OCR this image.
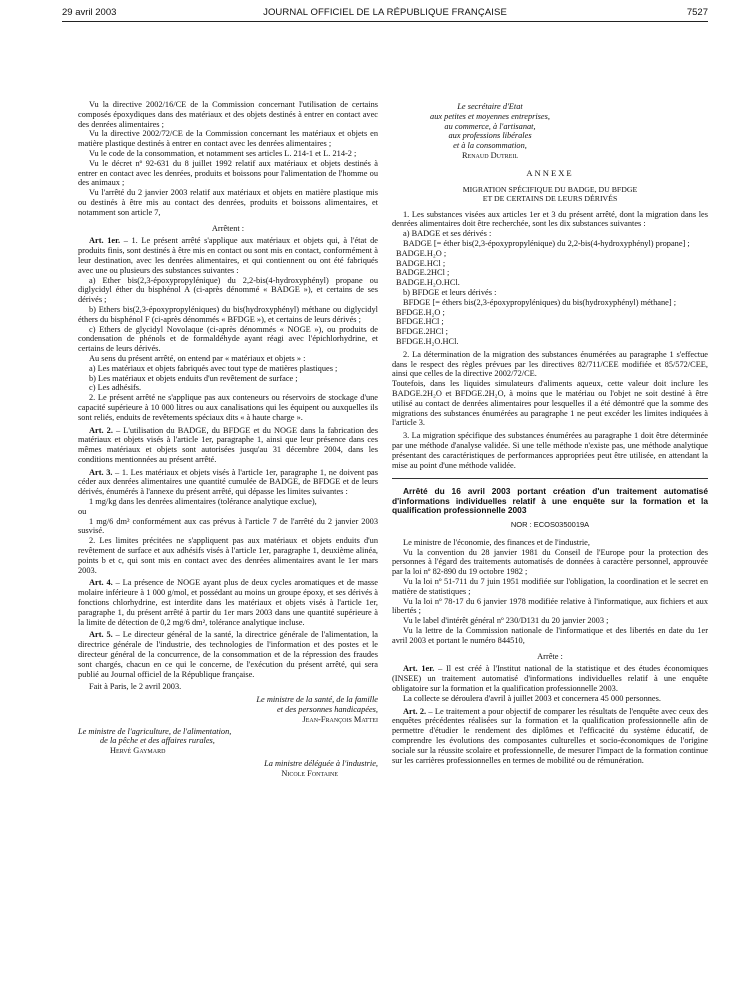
29 avril 2003	JOURNAL OFFICIEL DE LA RÉPUBLIQUE FRANÇAISE	7527

Vu la directive 2002/16/CE de la Commission concernant l'utilisation de certains composés époxydiques dans des matériaux et des objets destinés à entrer en contact avec des denrées alimentaires ;

Vu la directive 2002/72/CE de la Commission concernant les matériaux et objets en matière plastique destinés à entrer en contact avec les denrées alimentaires ;

Vu le code de la consommation, et notamment ses articles L. 214-1 et L. 214-2 ;

Vu le décret nº 92-631 du 8 juillet 1992 relatif aux matériaux et objets destinés à entrer en contact avec les denrées, produits et boissons pour l'alimentation de l'homme ou des animaux ;

Vu l'arrêté du 2 janvier 2003 relatif aux matériaux et objets en matière plastique mis ou destinés à être mis au contact des denrées, produits et boissons alimentaires, et notamment son article 7,

Arrêtent :

Art. 1er. – 1. Le présent arrêté s'applique aux matériaux et objets qui, à l'état de produits finis, sont destinés à être mis en contact ou sont mis en contact, conformément à leur destination, avec les denrées alimentaires, et qui contiennent ou ont été fabriqués avec une ou plusieurs des substances suivantes :

a) Ether bis(2,3-époxypropylénique) du 2,2-bis(4-hydroxyphényl) propane ou diglycidyl éther du bisphénol A (ci-après dénommé « BADGE »), et certains de ses dérivés ;

b) Ethers bis(2,3-époxypropyléniques) du bis(hydroxyphényl) méthane ou diglycidyl éthers du bisphénol F (ci-après dénommés « BFDGE »), et certains de leurs dérivés ;

c) Ethers de glycidyl Novolaque (ci-après dénommés « NOGE »), ou produits de condensation de phénols et de formaldéhyde ayant réagi avec l'épichlorhydrine, et certains de leurs dérivés.

Au sens du présent arrêté, on entend par « matériaux et objets » :

a) Les matériaux et objets fabriqués avec tout type de matières plastiques ;

b) Les matériaux et objets enduits d'un revêtement de surface ;

c) Les adhésifs.

2. Le présent arrêté ne s'applique pas aux conteneurs ou réservoirs de stockage d'une capacité supérieure à 10 000 litres ou aux canalisations qui les équipent ou auxquelles ils sont reliés, enduits de revêtements spéciaux dits « à haute charge ».

Art. 2. – L'utilisation du BADGE, du BFDGE et du NOGE dans la fabrication des matériaux et objets visés à l'article 1er, paragraphe 1, ainsi que leur présence dans ces mêmes matériaux et objets sont autorisées jusqu'au 31 décembre 2004, dans les conditions mentionnées au présent arrêté.

Art. 3. – 1. Les matériaux et objets visés à l'article 1er, paragraphe 1, ne doivent pas céder aux denrées alimentaires une quantité cumulée de BADGE, de BFDGE et de leurs dérivés, énumérés à l'annexe du présent arrêté, qui dépasse les limites suivantes :

1 mg/kg dans les denrées alimentaires (tolérance analytique exclue),

ou

1 mg/6 dm² conformément aux cas prévus à l'article 7 de l'arrêté du 2 janvier 2003 susvisé.

2. Les limites précitées ne s'appliquent pas aux matériaux et objets enduits d'un revêtement de surface et aux adhésifs visés à l'article 1er, paragraphe 1, deuxième alinéa, points b et c, qui sont mis en contact avec des denrées alimentaires avant le 1er mars 2003.

Art. 4. – La présence de NOGE ayant plus de deux cycles aromatiques et de masse molaire inférieure à 1 000 g/mol, et possédant au moins un groupe époxy, et ses dérivés à fonctions chlorhydrine, est interdite dans les matériaux et objets visés à l'article 1er, paragraphe 1, du présent arrêté à partir du 1er mars 2003 dans une quantité supérieure à la limite de détection de 0,2 mg/6 dm², tolérance analytique incluse.

Art. 5. – Le directeur général de la santé, la directrice générale de l'alimentation, la directrice générale de l'industrie, des technologies de l'information et des postes et le directeur général de la concurrence, de la consommation et de la répression des fraudes sont chargés, chacun en ce qui le concerne, de l'exécution du présent arrêté, qui sera publié au Journal officiel de la République française.

Fait à Paris, le 2 avril 2003.

Le ministre de la santé, de la famille
et des personnes handicapées,
Jean-François Mattei
Le ministre de l'agriculture, de l'alimentation,
de la pêche et des affaires rurales,
Hervé Gaymard
La ministre déléguée à l'industrie,
Nicole Fontaine
Le secrétaire d'Etat
aux petites et moyennes entreprises,
au commerce, à l'artisanat,
aux professions libérales
et à la consommation,
Renaud Dutreil
ANNEXE
MIGRATION SPÉCIFIQUE DU BADGE, DU BFDGE
ET DE CERTAINS DE LEURS DÉRIVÉS

1. Les substances visées aux articles 1er et 3 du présent arrêté, dont la migration dans les denrées alimentaires doit être recherchée, sont les dix substances suivantes :

a) BADGE et ses dérivés :

BADGE [= éther bis(2,3-époxypropylénique) du 2,2-bis(4-hydroxyphényl) propane] ;

BADGE.H₂O ;
BADGE.HCl ;
BADGE.2HCl ;
BADGE.H₂O.HCl.

b) BFDGE et leurs dérivés :

BFDGE [= éthers bis(2,3-époxypropyléniques) du bis(hydroxyphényl) méthane] ;

BFDGE.H₂O ;
BFDGE.HCl ;
BFDGE.2HCl ;
BFDGE.H₂O.HCl.

2. La détermination de la migration des substances énumérées au paragraphe 1 s'effectue dans le respect des règles prévues par les directives 82/711/CEE modifiée et 85/572/CEE, ainsi que celles de la directive 2002/72/CE.

Toutefois, dans les liquides simulateurs d'aliments aqueux, cette valeur doit inclure les BADGE.2H₂O et BFDGE.2H₂O, à moins que le matériau ou l'objet ne soit destiné à être utilisé au contact de denrées alimentaires pour lesquelles il a été démontré que la somme des migrations des substances énumérées au paragraphe 1 ne peut excéder les limites indiquées à l'article 3.

3. La migration spécifique des substances énumérées au paragraphe 1 doit être déterminée par une méthode d'analyse validée. Si une telle méthode n'existe pas, une méthode analytique présentant des caractéristiques de performances appropriées peut être utilisée, en attendant la mise au point d'une méthode validée.

Arrêté du 16 avril 2003 portant création d'un traitement automatisé d'informations individuelles relatif à une enquête sur la formation et la qualification professionnelle 2003

NOR : ECOS0350019A

Le ministre de l'économie, des finances et de l'industrie,

Vu la convention du 28 janvier 1981 du Conseil de l'Europe pour la protection des personnes à l'égard des traitements automatisés de données à caractère personnel, approuvée par la loi nº 82-890 du 19 octobre 1982 ;

Vu la loi nº 51-711 du 7 juin 1951 modifiée sur l'obligation, la coordination et le secret en matière de statistiques ;

Vu la loi nº 78-17 du 6 janvier 1978 modifiée relative à l'informatique, aux fichiers et aux libertés ;

Vu le label d'intérêt général nº 230/D131 du 20 janvier 2003 ;

Vu la lettre de la Commission nationale de l'informatique et des libertés en date du 1er avril 2003 et portant le numéro 844510,

Arrête :

Art. 1er. – Il est créé à l'Institut national de la statistique et des études économiques (INSEE) un traitement automatisé d'informations individuelles relatif à une enquête obligatoire sur la formation et la qualification professionnelle 2003.

La collecte se déroulera d'avril à juillet 2003 et concernera 45 000 personnes.

Art. 2. – Le traitement a pour objectif de comparer les résultats de l'enquête avec ceux des enquêtes précédentes réalisées sur la formation et la qualification professionnelle afin de permettre d'étudier le rendement des diplômes et l'efficacité du système éducatif, de comprendre les évolutions des composantes culturelles et socio-économiques de l'origine sociale sur la réussite scolaire et professionnelle, de mesurer l'impact de la formation continue sur les carrières professionnelles en termes de mobilité ou de rémunération.
